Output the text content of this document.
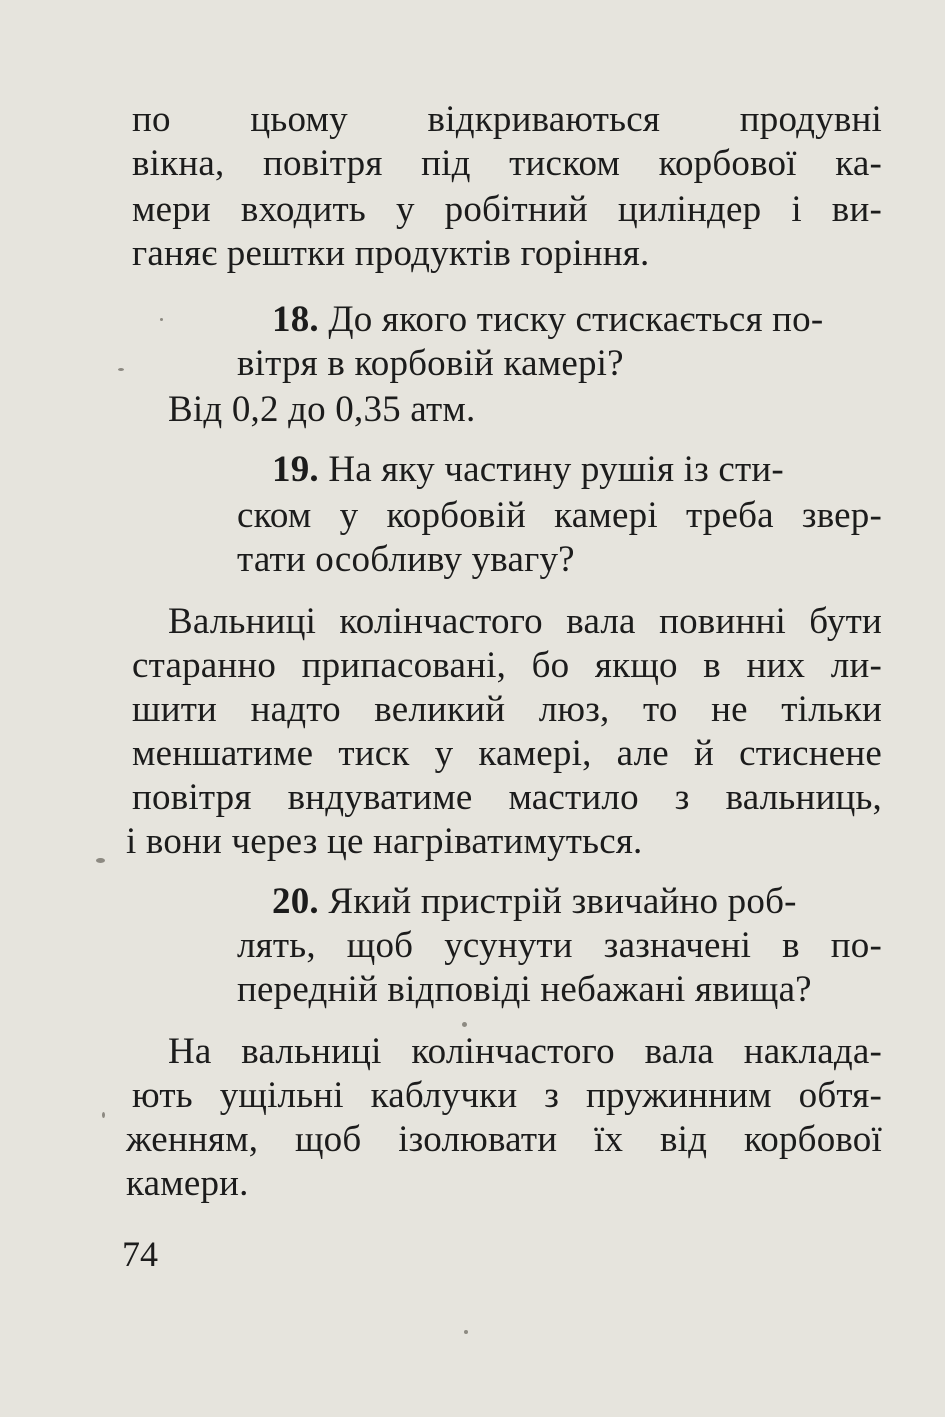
по цьому відкриваються продувні
вікна, повітря під тиском корбової ка-
мери входить у робітний циліндер і ви-
ганяє рештки продуктів горіння.
18. До якого тиску стискається по-
вітря в корбовій камері?
Від 0,2 до 0,35 атм.
19. На яку частину рушія із сти-
ском у корбовій камері треба звер-
тати особливу увагу?
Вальниці колінчастого вала повинні бути
старанно припасовані, бо якщо в них ли-
шити надто великий люз, то не тільки
меншатиме тиск у камері, але й стиснене
повітря вндуватиме мастило з вальниць,
і вони через це нагріватимуться.
20. Який пристрій звичайно роб-
лять, щоб усунути зазначені в по-
передній відповіді небажані явища?
На вальниці колінчастого вала наклада-
ють ущільні каблучки з пружинним обтя-
женням, щоб ізолювати їх від корбової
камери.
74
